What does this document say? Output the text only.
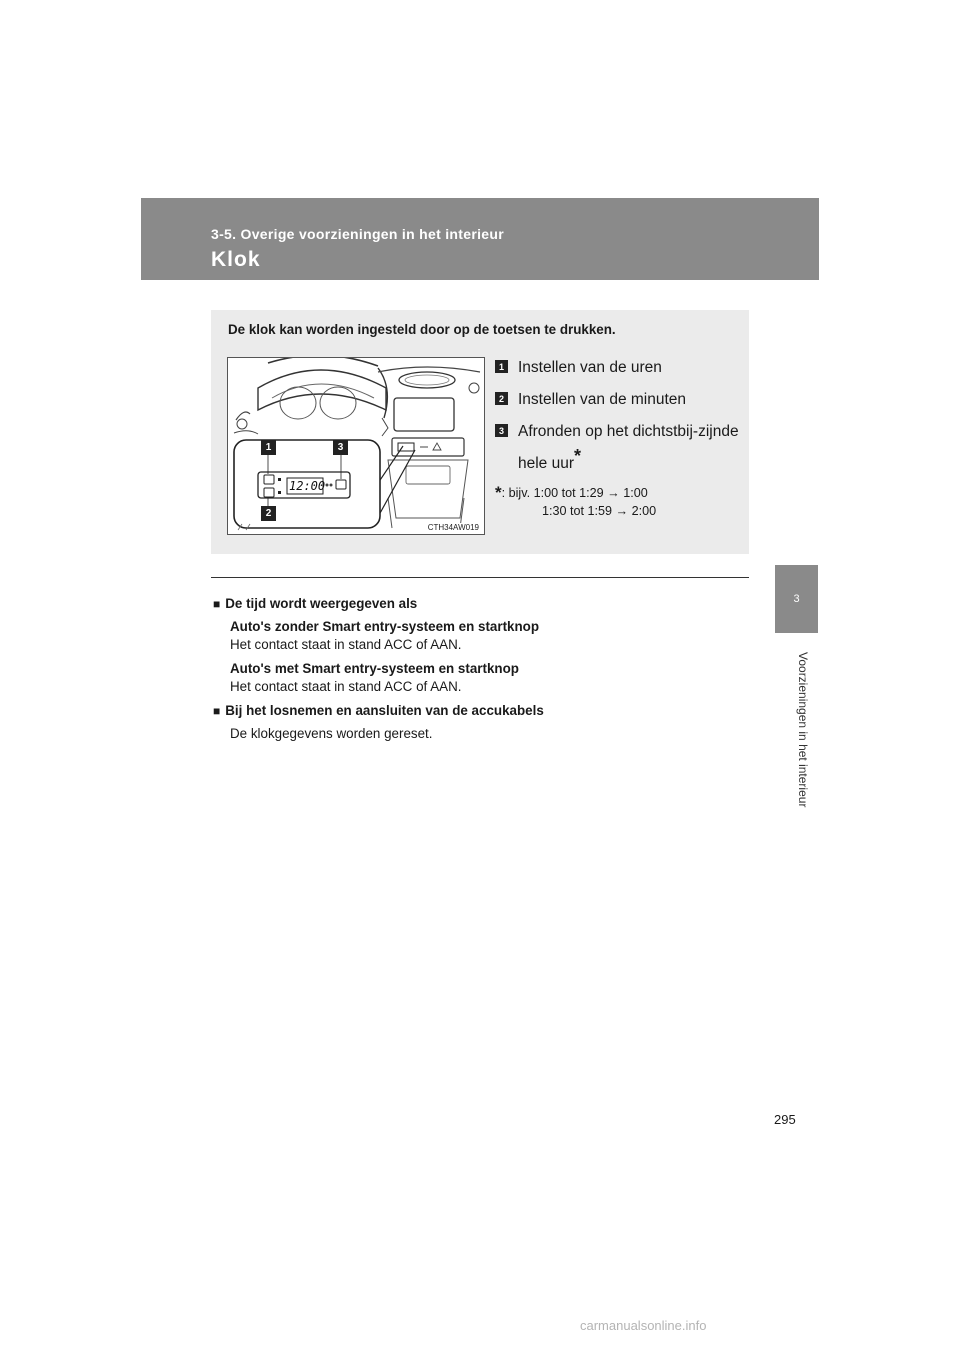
3-5. Overige voorzieningen in het interieur
Klok
3
Voorzieningen in het interieur
De klok kan worden ingesteld door op de toetsen te drukken.
12:00
1	3
2
CTH34AW019
1 Instellen van de uren
2 Instellen van de minuten
3 Afronden op het dichtstbij-zijnde hele uur*
*: bijv. 1:00 tot 1:29 → 1:00
1:30 tot 1:59 → 2:00
■ De tijd wordt weergegeven als
Auto's zonder Smart entry-systeem en startknop
Het contact staat in stand ACC of AAN.
Auto's met Smart entry-systeem en startknop
Het contact staat in stand ACC of AAN.
■ Bij het losnemen en aansluiten van de accukabels
De klokgegevens worden gereset.
295
carmanualsonline.info
